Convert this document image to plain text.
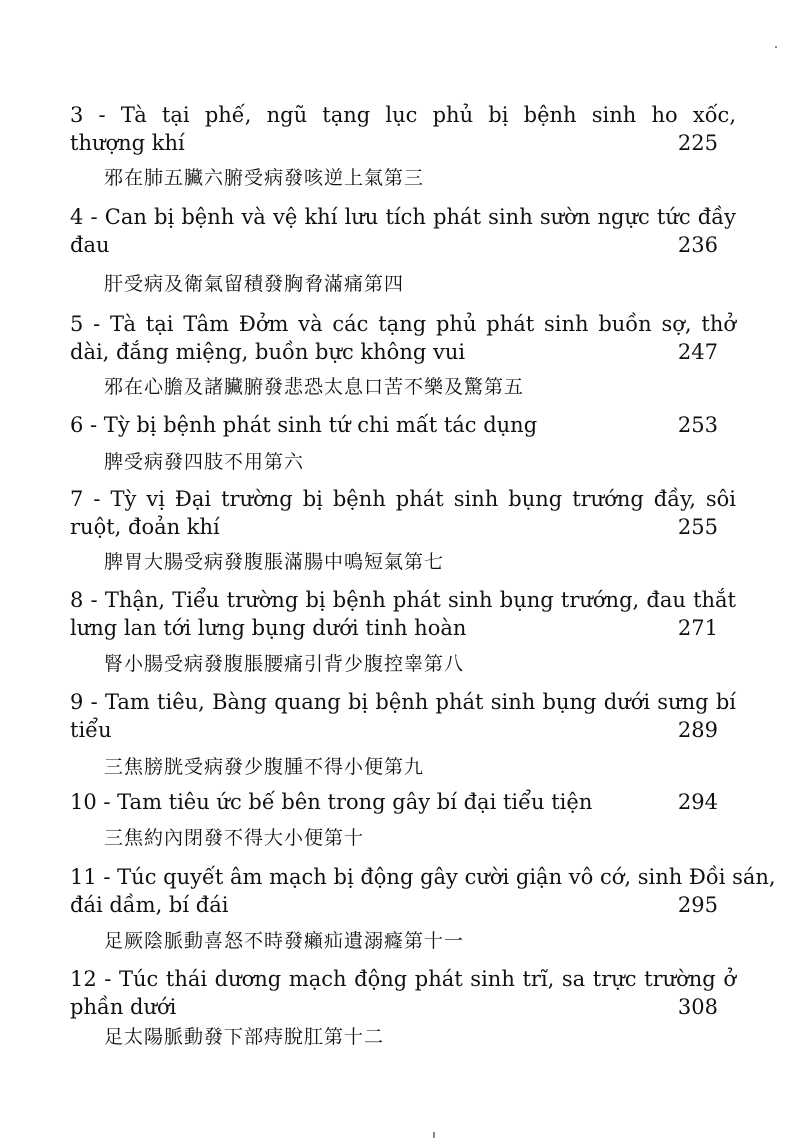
3 - Tà tại phế, ngũ tạng lục phủ bị bệnh sinh ho xốc,
thượng khí	225
邪在肺五臟六腑受病發咳逆上氣第三
4 - Can bị bệnh và vệ khí lưu tích phát sinh sườn ngực tức đầy
đau	236
肝受病及衛氣留積發胸脅滿痛第四
5 - Tà tại Tâm Đởm và các tạng phủ phát sinh buồn sợ, thở
dài, đắng miệng, buồn bực không vui	247
邪在心膽及諸臟腑發悲恐太息口苦不樂及驚第五
6 - Tỳ bị bệnh phát sinh tứ chi mất tác dụng	253
脾受病發四肢不用第六
7 - Tỳ vị Đại trường bị bệnh phát sinh bụng trướng đầy, sôi
ruột, đoản khí	255
脾胃大腸受病發腹脹滿腸中鳴短氣第七
8 - Thận, Tiểu trường bị bệnh phát sinh bụng trướng, đau thắt
lưng lan tới lưng bụng dưới tinh hoàn	271
腎小腸受病發腹脹腰痛引背少腹控睾第八
9 - Tam tiêu, Bàng quang bị bệnh phát sinh bụng dưới sưng bí
tiểu	289
三焦膀胱受病發少腹腫不得小便第九
10 - Tam tiêu ức bế bên trong gây bí đại tiểu tiện	294
三焦約內閉發不得大小便第十
11 - Túc quyết âm mạch bị động gây cười giận vô cớ, sinh Đồi sán,
đái dầm, bí đái	295
足厥陰脈動喜怒不時發癩疝遺溺癃第十一
12 - Túc thái dương mạch động phát sinh trĩ, sa trực trường ở
phần dưới	308
足太陽脈動發下部痔脫肛第十二
